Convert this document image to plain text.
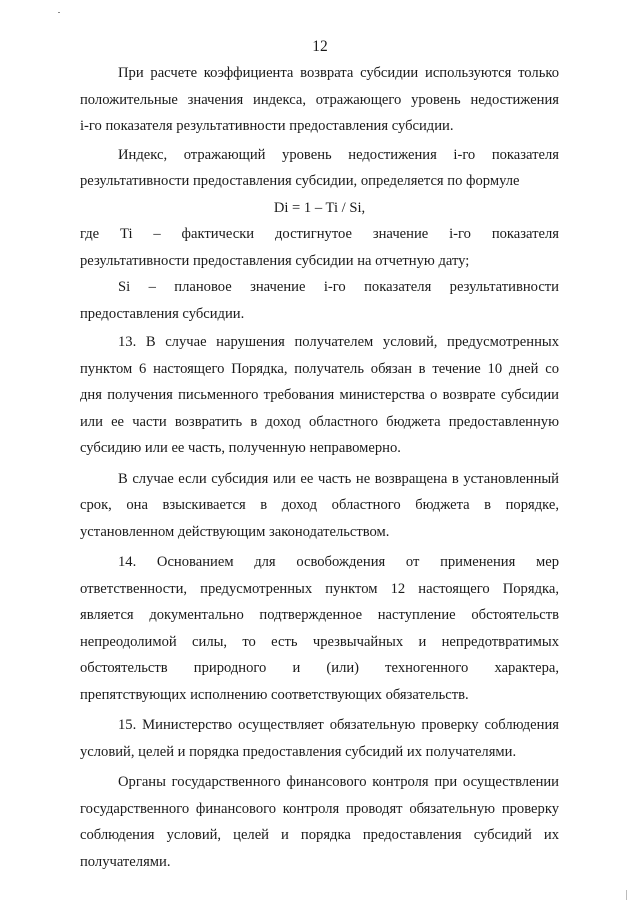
12

При расчете коэффициента возврата субсидии используются только

положительные значения индекса, отражающего уровень недостижения

i-го показателя результативности предоставления субсидии.

Индекс, отражающий уровень недостижения i-го показателя

результативности предоставления субсидии, определяется по формуле

Di = 1 – Ti / Si,

где Ti – фактически достигнутое значение i-го показателя

результативности предоставления субсидии на отчетную дату;

Si – плановое значение i-го показателя результативности

предоставления субсидии.

13. В случае нарушения получателем условий, предусмотренных

пунктом 6 настоящего Порядка, получатель обязан в течение 10 дней со

дня получения письменного требования министерства о возврате субсидии

или ее части возвратить в доход областного бюджета предоставленную

субсидию или ее часть, полученную неправомерно.

В случае если субсидия или ее часть не возвращена в установленный

срок, она взыскивается в доход областного бюджета в порядке,

установленном действующим законодательством.

14. Основанием для освобождения от применения мер

ответственности, предусмотренных пунктом 12 настоящего Порядка,

является документально подтвержденное наступление обстоятельств

непреодолимой силы, то есть чрезвычайных и непредотвратимых

обстоятельств природного и (или) техногенного характера,

препятствующих исполнению соответствующих обязательств.

15. Министерство осуществляет обязательную проверку соблюдения

условий, целей и порядка предоставления субсидий их получателями.

Органы государственного финансового контроля при осуществлении

государственного финансового контроля проводят обязательную проверку

соблюдения условий, целей и порядка предоставления субсидий их

получателями.
